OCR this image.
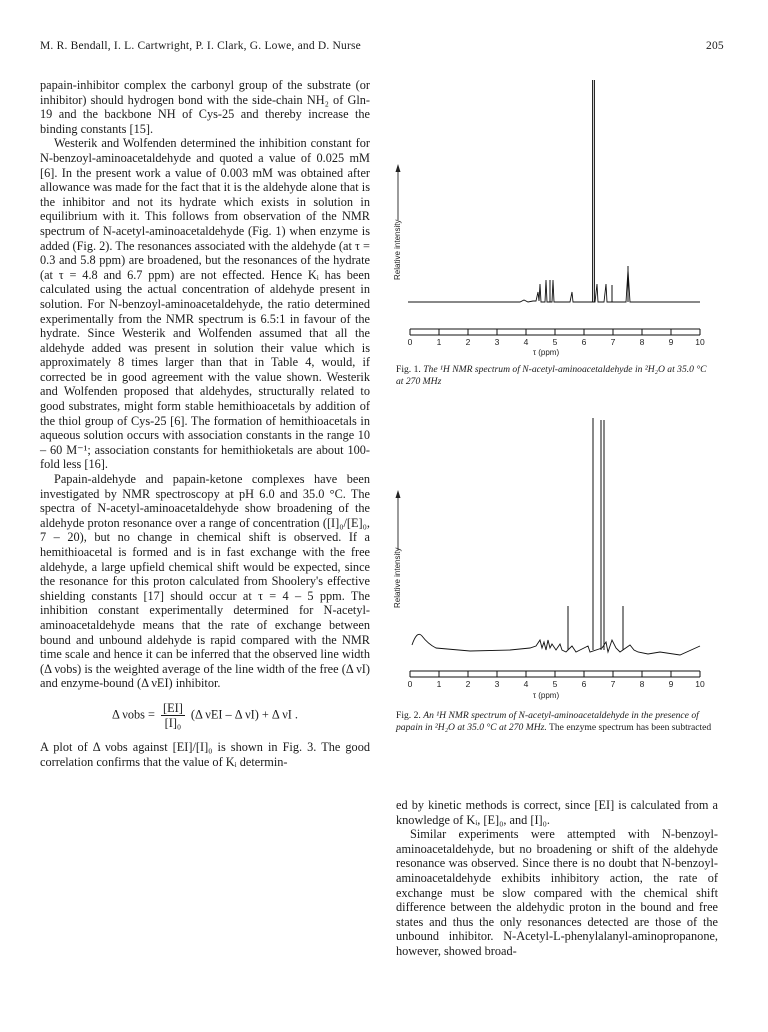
M. R. Bendall, I. L. Cartwright, P. I. Clark, G. Lowe, and D. Nurse	205

papain-inhibitor complex the carbonyl group of the substrate (or inhibitor) should hydrogen bond with the side-chain NH₂ of Gln-19 and the backbone NH of Cys-25 and thereby increase the binding constants [15].

Westerik and Wolfenden determined the inhibition constant for N-benzoyl-aminoacetaldehyde and quoted a value of 0.025 mM [6]. In the present work a value of 0.003 mM was obtained after allowance was made for the fact that it is the aldehyde alone that is the inhibitor and not its hydrate which exists in solution in equilibrium with it. This follows from observation of the NMR spectrum of N-acetyl-aminoacetaldehyde (Fig. 1) when enzyme is added (Fig. 2). The resonances associated with the aldehyde (at τ = 0.3 and 5.8 ppm) are broadened, but the resonances of the hydrate (at τ = 4.8 and 6.7 ppm) are not effected. Hence Kᵢ has been calculated using the actual concentration of aldehyde present in solution. For N-benzoyl-aminoacetaldehyde, the ratio determined experimentally from the NMR spectrum is 6.5:1 in favour of the hydrate. Since Westerik and Wolfenden assumed that all the aldehyde added was present in solution their value which is approximately 8 times larger than that in Table 4, would, if corrected be in good agreement with the value shown. Westerik and Wolfenden proposed that aldehydes, structurally related to good substrates, might form stable hemithioacetals by addition of the thiol group of Cys-25 [6]. The formation of hemithioacetals in aqueous solution occurs with association constants in the range 10 – 60 M⁻¹; association constants for hemithioketals are about 100-fold less [16].

Papain-aldehyde and papain-ketone complexes have been investigated by NMR spectroscopy at pH 6.0 and 35.0 °C. The spectra of N-acetyl-aminoacetaldehyde show broadening of the aldehyde proton resonance over a range of concentration ([I]₀/[E]₀, 7 – 20), but no change in chemical shift is observed. If a hemithioacetal is formed and is in fast exchange with the free aldehyde, a large upfield chemical shift would be expected, since the resonance for this proton calculated from Shoolery's effective shielding constants [17] should occur at τ = 4 – 5 ppm. The inhibition constant experimentally determined for N-acetyl-aminoacetaldehyde means that the rate of exchange between bound and unbound aldehyde is rapid compared with the NMR time scale and hence it can be inferred that the observed line width (Δ νobs) is the weighted average of the line width of the free (Δ νI) and enzyme-bound (Δ νEI) inhibitor.

Δ $\nu obs = \frac{[EI]}{\text{[I]₀}} (\Delta$ νEI – Δ νI) + Δ νI .

A plot of Δ νobs against [EI]/[I]₀ is shown in Fig. 3. The good correlation confirms that the value of Kᵢ determin-

Relative intensity
0	1	2	3	4	5	6	7	8	9	10
τ (ppm)
Fig. 1. The ¹H NMR spectrum of N-acetyl-aminoacetaldehyde in ²H₂O at 35.0 °C at 270 MHz
Relative intensity
0	1	2	3	4	5	6	7	8	9	10
τ (ppm)
Fig. 2. An ¹H NMR spectrum of N-acetyl-aminoacetaldehyde in the presence of papain in ²H₂O at 35.0 °C at 270 MHz. The enzyme spectrum has been subtracted

ed by kinetic methods is correct, since [EI] is calculated from a knowledge of Kᵢ, [E]₀, and [I]₀.

Similar experiments were attempted with N-benzoyl-aminoacetaldehyde, but no broadening or shift of the aldehyde resonance was observed. Since there is no doubt that N-benzoyl-aminoacetaldehyde exhibits inhibitory action, the rate of exchange must be slow compared with the chemical shift difference between the aldehydic proton in the bound and free states and thus the only resonances detected are those of the unbound inhibitor. N-Acetyl-L-phenylalanyl-aminopropanone, however, showed broad-
